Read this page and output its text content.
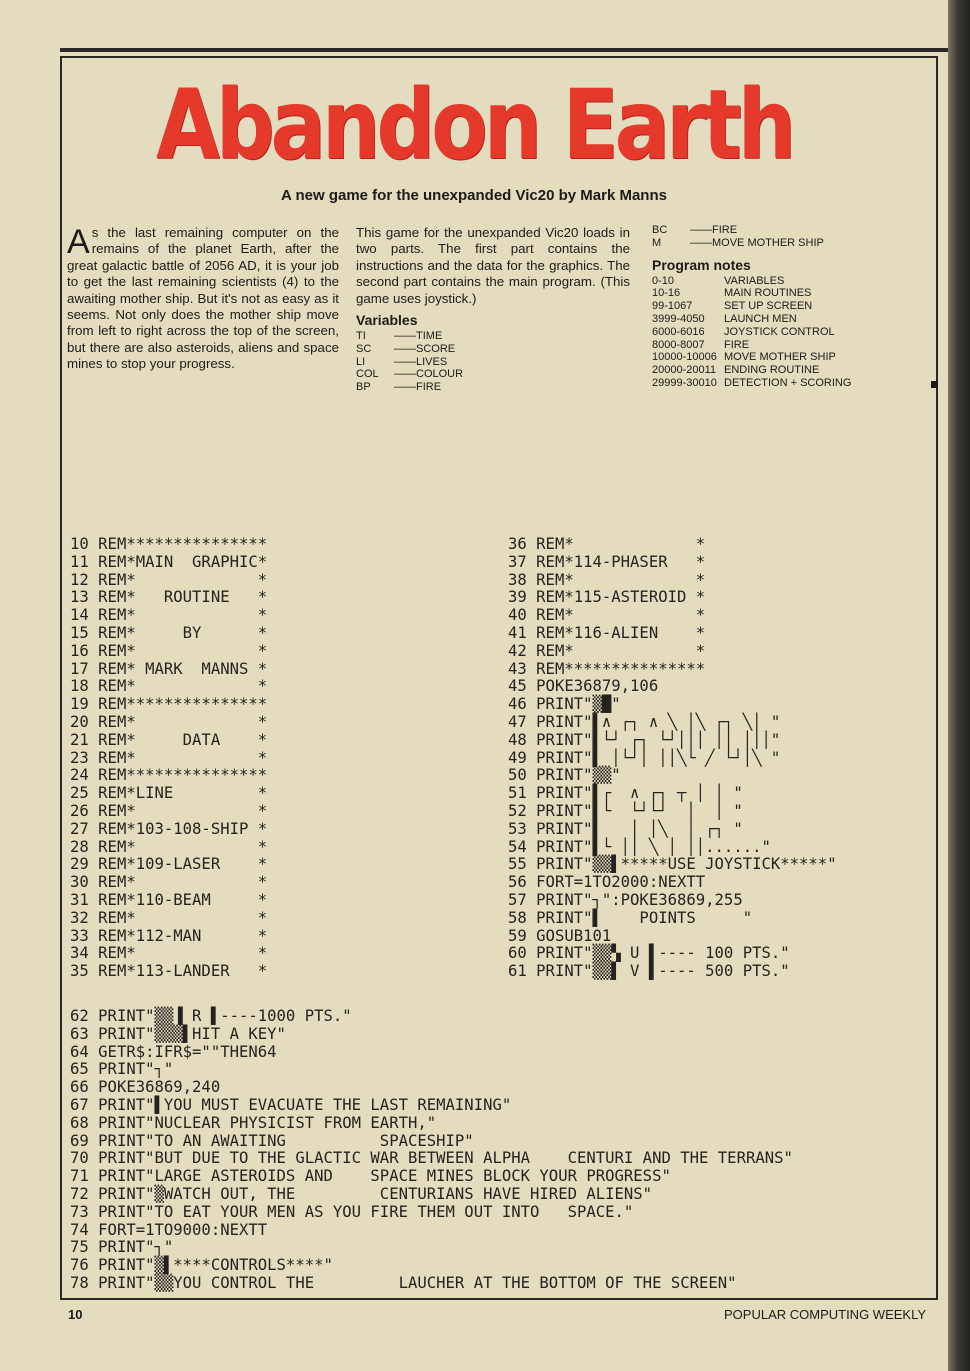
Abandon Earth
A new game for the unexpanded Vic20 by Mark Manns
As the last remaining computer on the remains of the planet Earth, after the great galactic battle of 2056 AD, it is your job to get the last remaining scientists (4) to the awaiting mother ship. But it's not as easy as it seems. Not only does the mother ship move from left to right across the top of the screen, but there are also asteroids, aliens and space mines to stop your progress.
This game for the unexpanded Vic20 loads in two parts. The first part contains the instructions and the data for the graphics. The second part contains the main program. (This game uses joystick.)
Variables
TI	——TIME
SC	——SCORE
LI	——LIVES
COL	——COLOUR
BP	——FIRE
BC	——FIRE
M	——MOVE MOTHER SHIP
Program notes
0-10	VARIABLES
10-16	MAIN ROUTINES
99-1067	SET UP SCREEN
3999-4050	LAUNCH MEN
6000-6016	JOYSTICK CONTROL
8000-8007	FIRE
10000-10006 MOVE MOTHER SHIP
20000-20011 ENDING ROUTINE
29999-30010 DETECTION + SCORING
10 REM***************
11 REM*MAIN  GRAPHIC*
12 REM*             *
13 REM*   ROUTINE   *
14 REM*             *
15 REM*     BY      *
16 REM*             *
17 REM* MARK  MANNS *
18 REM*             *
19 REM***************
20 REM*             *
21 REM*     DATA    *
23 REM*             *
24 REM***************
25 REM*LINE         *
26 REM*             *
27 REM*103-108-SHIP *
28 REM*             *
29 REM*109-LASER    *
30 REM*             *
31 REM*110-BEAM     *
32 REM*             *
33 REM*112-MAN      *
34 REM*             *
35 REM*113-LANDER   *
36 REM*             *
37 REM*114-PHASER   *
38 REM*             *
39 REM*115-ASTEROID *
40 REM*             *
41 REM*116-ALIEN    *
42 REM*             *
43 REM***************
45 POKE36879,106
46 PRINT"▒█"
47 PRINT"▌∧ ┌┐ ∧ ╲ │╲ ┌┐ ╲│ "
48 PRINT"▌└┘ ┌┐ └┘│││ ││ │││"
49 PRINT"▌ │└┘│ ││╲└ ╱ └┘│╲ "
50 PRINT"▒▒"
51 PRINT"▌┌  ∧ ┌┐ ┬ │ │ "
52 PRINT"▌└  └┘└┘  │  │ "
53 PRINT"▌   │ │╲  │ ┌┐ "
54 PRINT"▌└ ││ ╲ │ ││......"
55 PRINT"▒▒▌*****USE JOYSTICK*****"
56 FORT=1TO2000:NEXTT
57 PRINT"┐":POKE36869,255
58 PRINT"▌    POINTS     "
59 GOSUB101
60 PRINT"▒▒▚ U ▌---- 100 PTS."
61 PRINT"▒▒▌ V ▌---- 500 PTS."
62 PRINT"▒▒▐ R ▌----1000 PTS."
63 PRINT"▒▒▒▌HIT A KEY"
64 GETR$:IFR$=""THEN64
65 PRINT"┐"
66 POKE36869,240
67 PRINT"▌YOU MUST EVACUATE THE LAST REMAINING"
68 PRINT"NUCLEAR PHYSICIST FROM EARTH,"
69 PRINT"TO AN AWAITING          SPACESHIP"
70 PRINT"BUT DUE TO THE GLACTIC WAR BETWEEN ALPHA    CENTURI AND THE TERRANS"
71 PRINT"LARGE ASTEROIDS AND    SPACE MINES BLOCK YOUR PROGRESS"
72 PRINT"▒WATCH OUT, THE         CENTURIANS HAVE HIRED ALIENS"
73 PRINT"TO EAT YOUR MEN AS YOU FIRE THEM OUT INTO   SPACE."
74 FORT=1TO9000:NEXTT
75 PRINT"┐"
76 PRINT"▒▌****CONTROLS****"
78 PRINT"▒▒YOU CONTROL THE         LAUCHER AT THE BOTTOM OF THE SCREEN"
10	POPULAR COMPUTING WEEKLY
